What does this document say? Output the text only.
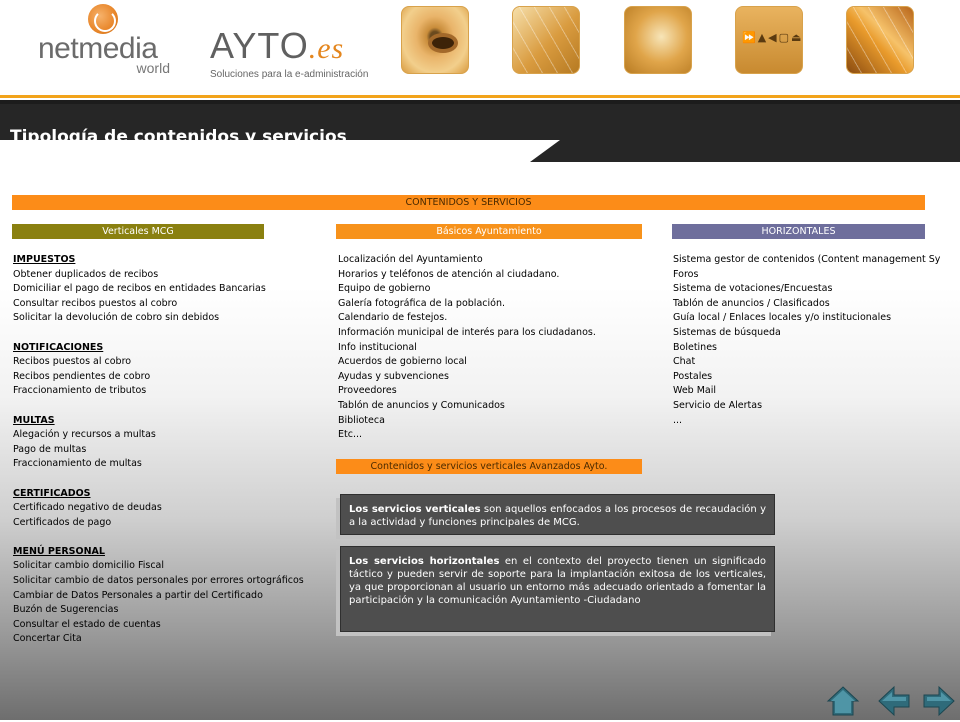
netmedia
world
AYTO.es
Soluciones para la e-administración
⏩▲◀▢⏏
Tipología de contenidos y servicios
CONTENIDOS Y SERVICIOS
Verticales MCG	Básicos Ayuntamiento	HORIZONTALES
IMPUESTOS
Obtener duplicados de recibos
Domiciliar el pago de recibos en entidades Bancarias
Consultar recibos puestos al cobro
Solicitar la devolución de cobro sin debidos
NOTIFICACIONES
Recibos puestos al cobro
Recibos pendientes de cobro
Fraccionamiento de tributos
MULTAS
Alegación y recursos a multas
Pago de multas
Fraccionamiento de multas
CERTIFICADOS
Certificado negativo de deudas
Certificados de pago
MENÚ PERSONAL
Solicitar cambio domicilio Fiscal
Solicitar cambio de datos personales por errores ortográficos
Cambiar de Datos Personales a partir del Certificado
Buzón de Sugerencias
Consultar el estado de cuentas
Concertar Cita
Localización del Ayuntamiento
Horarios y teléfonos de atención al ciudadano.
Equipo de gobierno
Galería fotográfica de la población.
Calendario de festejos.
Información municipal de interés para los ciudadanos.
Info institucional
Acuerdos de gobierno local
Ayudas y subvenciones
Proveedores
Tablón de anuncios y Comunicados
Biblioteca
Etc...
Sistema gestor de contenidos (Content management Sy
Foros
Sistema de votaciones/Encuestas
Tablón de anuncios / Clasificados
Guía local / Enlaces locales y/o institucionales
Sistemas de búsqueda
Boletines
Chat
Postales
Web Mail
Servicio de Alertas
...
Contenidos y servicios verticales Avanzados Ayto.
Los servicios verticales son aquellos enfocados a los procesos de recaudación y a la actividad y funciones principales de MCG.
Los servicios horizontales en el contexto del proyecto tienen un significado táctico y pueden servir de soporte para la implantación exitosa de los verticales, ya que proporcionan al usuario un entorno más adecuado orientado a fomentar la participación y la comunicación Ayuntamiento -Ciudadano
